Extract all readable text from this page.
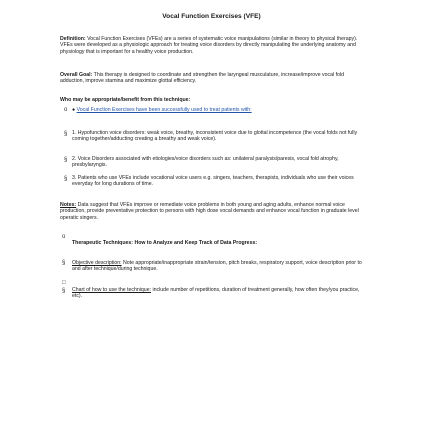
Vocal Function Exercises (VFE)
Definition: Vocal Function Exercises (VFEs) are a series of systematic voice manipulations (similar in theory to physical therapy). VFEs were developed as a physiologic approach for treating voice disorders by directly manipulating the underlying anatomy and physiology that is important for a healthy voice production.
Overall Goal: This therapy is designed to coordinate and strengthen the laryngeal musculature, increase/improve vocal fold adduction, improve stamina and maximize glottal efficiency.
Who may be appropriate/benefit from this technique:
o ● Vocal Function Exercises have been successfully used to treat patients with:
§ 1. Hypofunction voice disorders: weak voice, breathy, inconsistent voice due to glottal incompetence (the vocal folds not fully coming together/adducting creating a breathy and weak voice).
§ 2. Voice Disorders associated with etiologies/voice disorders such as: unilateral paralysis/paresis, vocal fold atrophy, presbylaryngis.
§ 3. Patients who use VFEs include vocational voice users e.g. singers, teachers, therapists, individuals who use their voices everyday for long durations of time.
Notes: Data suggest that VFEs improve or remediate voice problems in both young and aging adults, enhance normal voice production, provide preventative protection to persons with high dose vocal demands and enhance vocal function in graduate level operatic singers.
o
Therapeutic Techniques: How to Analyze and Keep Track of Data Progress:
§ Objective description: Note appropriate/inappropriate strain/tension, pitch breaks, respiratory support, voice description prior to and after technique/during technique.
□
§ Chart of how to use the technique: include number of repetitions, duration of treatment generally, how often they/you practice, etc).
